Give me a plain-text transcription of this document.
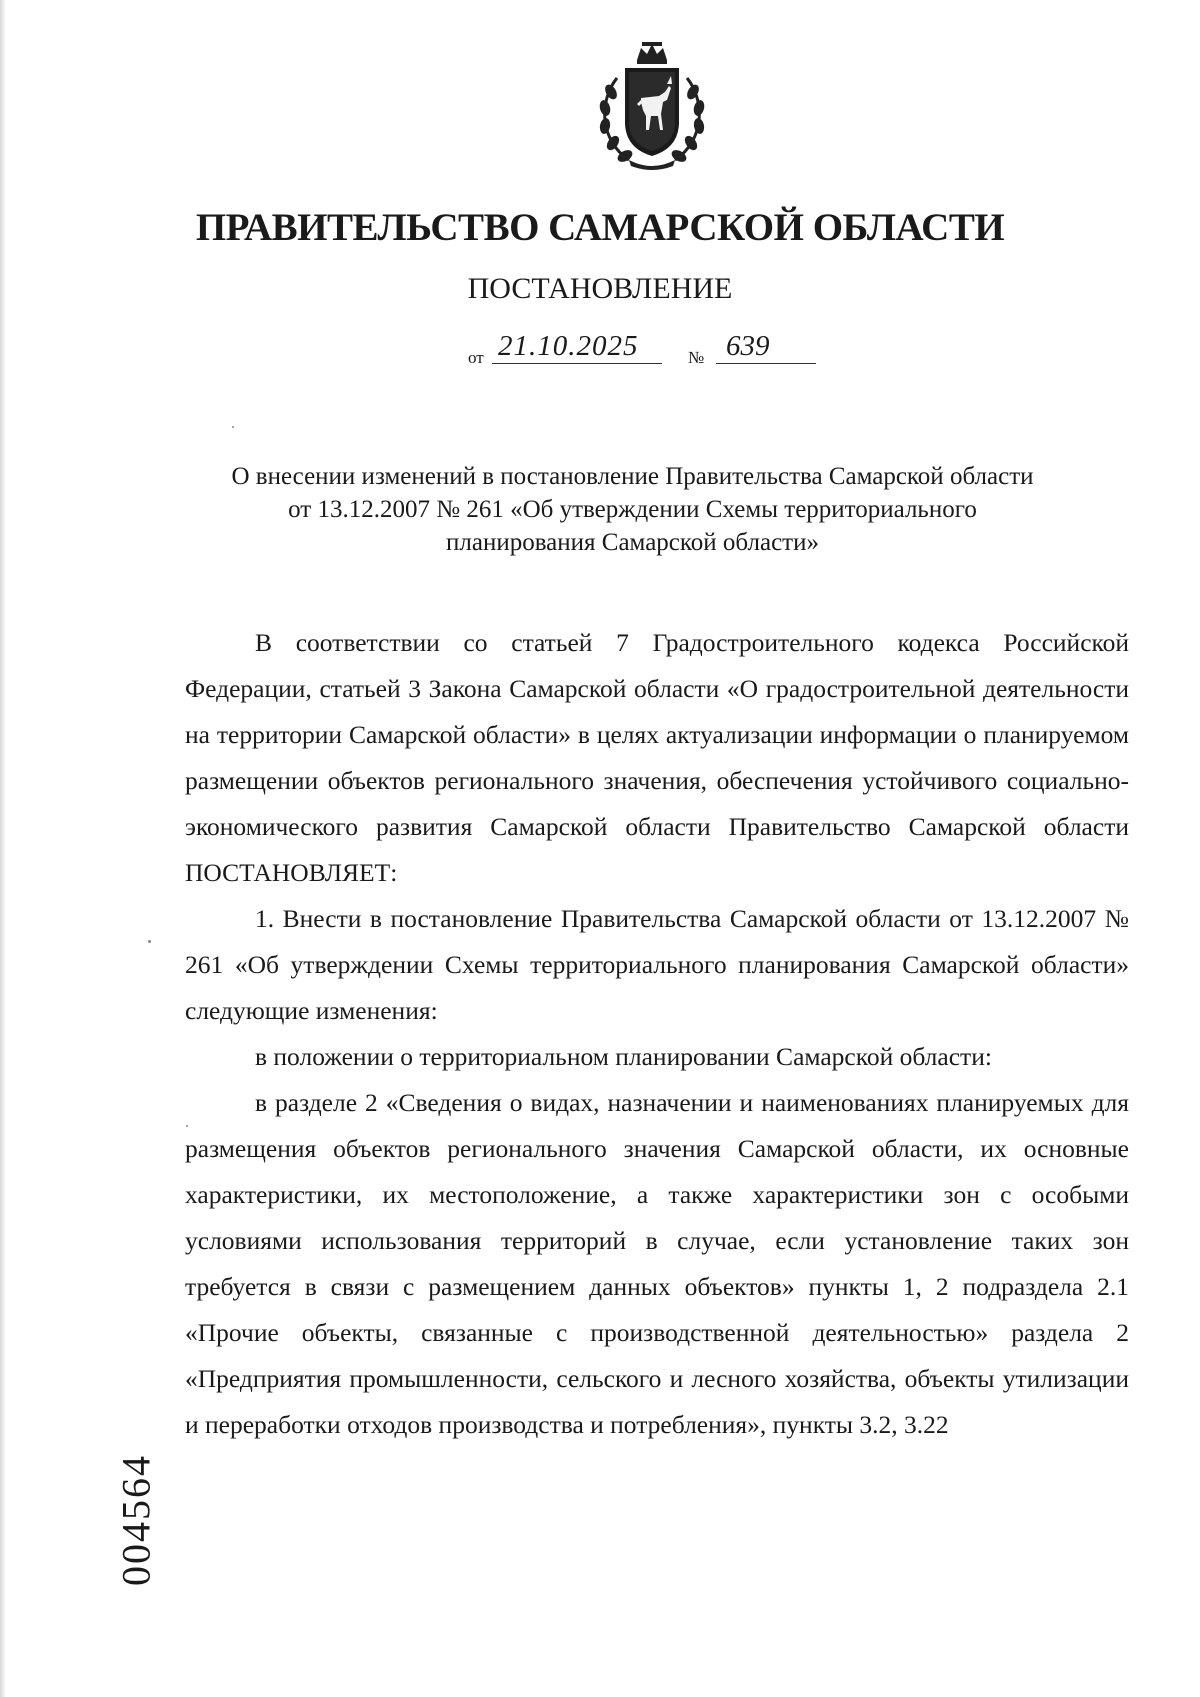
ПРАВИТЕЛЬСТВО САМАРСКОЙ ОБЛАСТИ
ПОСТАНОВЛЕНИЕ
от 21.10.2025	№ 639
О внесении изменений в постановление Правительства Самарской области
от 13.12.2007 № 261 «Об утверждении Схемы территориального
планирования Самарской области»

В соответствии со статьей 7 Градостроительного кодекса Российской Федерации, статьей 3 Закона Самарской области «О градостроительной деятельности на территории Самарской области» в целях актуализации информации о планируемом размещении объектов регионального значения, обеспечения устойчивого социально-экономического развития Самарской области Правительство Самарской области ПОСТАНОВЛЯЕТ:

1. Внести в постановление Правительства Самарской области от 13.12.2007 № 261 «Об утверждении Схемы территориального планирования Самарской области» следующие изменения:

в положении о территориальном планировании Самарской области:

в разделе 2 «Сведения о видах, назначении и наименованиях планируемых для размещения объектов регионального значения Самарской области, их основные характеристики, их местоположение, а также характеристики зон с особыми условиями использования территорий в случае, если установление таких зон требуется в связи с размещением данных объектов» пункты 1, 2 подраздела 2.1 «Прочие объекты, связанные с производственной деятельностью» раздела 2 «Предприятия промышленности, сельского и лесного хозяйства, объекты утилизации и переработки отходов производства и потребления», пункты 3.2, 3.22

004564
